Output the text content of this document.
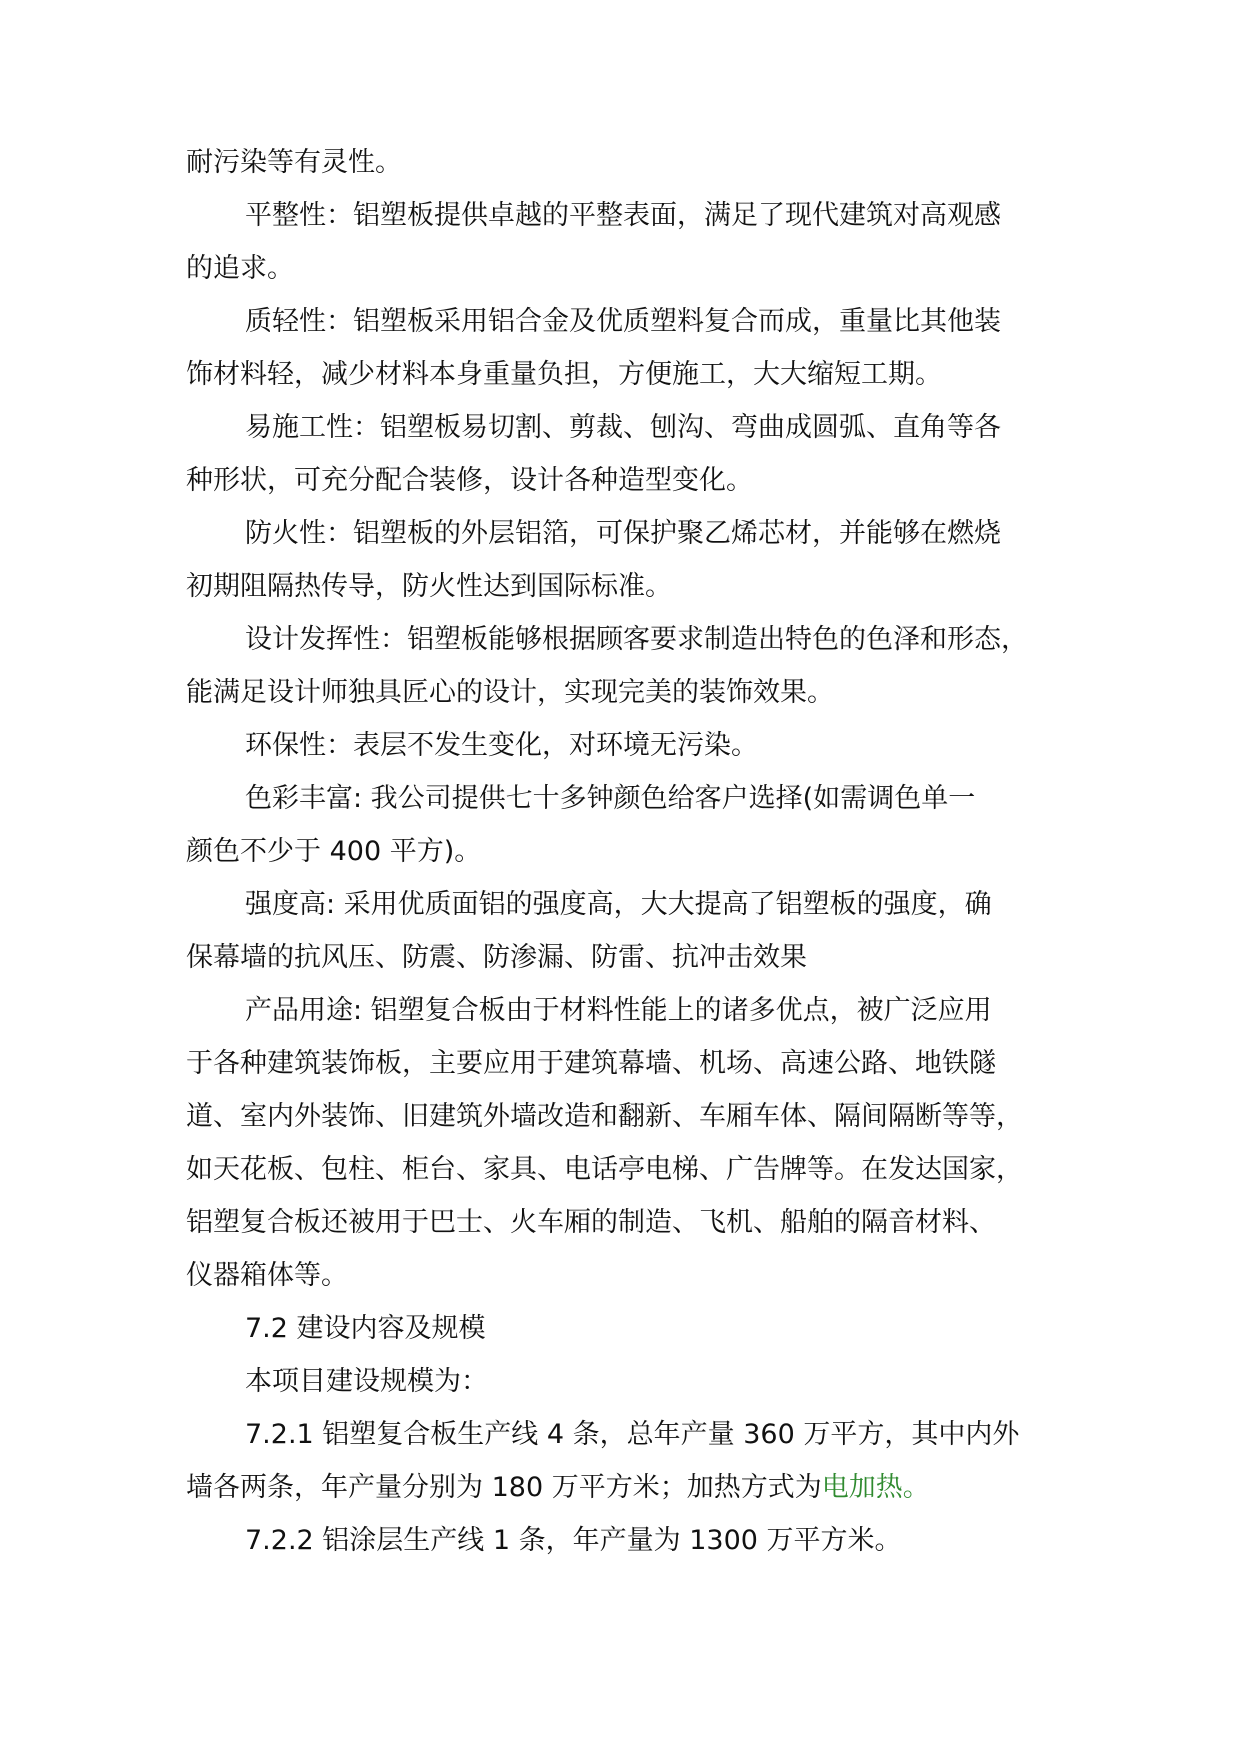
耐污染等有灵性。
平整性：铝塑板提供卓越的平整表面，满足了现代建筑对高观感
的追求。
质轻性：铝塑板采用铝合金及优质塑料复合而成，重量比其他装
饰材料轻，减少材料本身重量负担，方便施工，大大缩短工期。
易施工性：铝塑板易切割、剪裁、刨沟、弯曲成圆弧、直角等各
种形状，可充分配合装修，设计各种造型变化。
防火性：铝塑板的外层铝箔，可保护聚乙烯芯材，并能够在燃烧
初期阻隔热传导，防火性达到国际标准。
设计发挥性：铝塑板能够根据顾客要求制造出特色的色泽和形态，
能满足设计师独具匠心的设计，实现完美的装饰效果。
环保性：表层不发生变化，对环境无污染。
色彩丰富: 我公司提供七十多钟颜色给客户选择(如需调色单一
颜色不少于 400 平方)。
强度高: 采用优质面铝的强度高，大大提高了铝塑板的强度，确
保幕墙的抗风压、防震、防渗漏、防雷、抗冲击效果
产品用途: 铝塑复合板由于材料性能上的诸多优点，被广泛应用
于各种建筑装饰板，主要应用于建筑幕墙、机场、高速公路、地铁隧
道、室内外装饰、旧建筑外墙改造和翻新、车厢车体、隔间隔断等等，
如天花板、包柱、柜台、家具、电话亭电梯、广告牌等。在发达国家，
铝塑复合板还被用于巴士、火车厢的制造、飞机、船舶的隔音材料、
仪器箱体等。
7.2 建设内容及规模
本项目建设规模为：
7.2.1 铝塑复合板生产线 4 条，总年产量 360 万平方，其中内外
墙各两条，年产量分别为 180 万平方米；加热方式为电加热。
7.2.2 铝涂层生产线 1 条，年产量为 1300 万平方米。
